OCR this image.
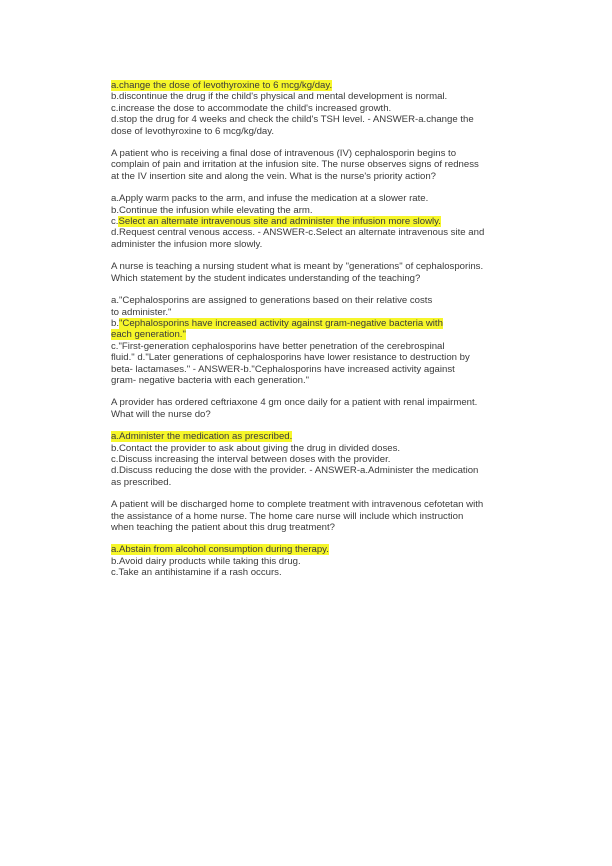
a.change the dose of levothyroxine to 6 mcg/kg/day.
b.discontinue the drug if the child's physical and mental development is normal.
c.increase the dose to accommodate the child's increased growth.
d.stop the drug for 4 weeks and check the child's TSH level. - ANSWER-a.change the
dose of levothyroxine to 6 mcg/kg/day.
A patient who is receiving a final dose of intravenous (IV) cephalosporin begins to
complain of pain and irritation at the infusion site. The nurse observes signs of redness
at the IV insertion site and along the vein. What is the nurse's priority action?
a.Apply warm packs to the arm, and infuse the medication at a slower rate.
b.Continue the infusion while elevating the arm.
c.Select an alternate intravenous site and administer the infusion more slowly.
d.Request central venous access. - ANSWER-c.Select an alternate intravenous site and
administer the infusion more slowly.
A nurse is teaching a nursing student what is meant by "generations" of cephalosporins.
Which statement by the student indicates understanding of the teaching?
a."Cephalosporins are assigned to generations based on their relative costs
to administer."
b."Cephalosporins have increased activity against gram-negative bacteria with
each generation."
c."First-generation cephalosporins have better penetration of the cerebrospinal
fluid." d."Later generations of cephalosporins have lower resistance to destruction by
beta- lactamases." - ANSWER-b."Cephalosporins have increased activity against
gram- negative bacteria with each generation."
A provider has ordered ceftriaxone 4 gm once daily for a patient with renal impairment.
What will the nurse do?
a.Administer the medication as prescribed.
b.Contact the provider to ask about giving the drug in divided doses.
c.Discuss increasing the interval between doses with the provider.
d.Discuss reducing the dose with the provider. - ANSWER-a.Administer the medication
as prescribed.
A patient will be discharged home to complete treatment with intravenous cefotetan with
the assistance of a home nurse. The home care nurse will include which instruction
when teaching the patient about this drug treatment?
a.Abstain from alcohol consumption during therapy.
b.Avoid dairy products while taking this drug.
c.Take an antihistamine if a rash occurs.
